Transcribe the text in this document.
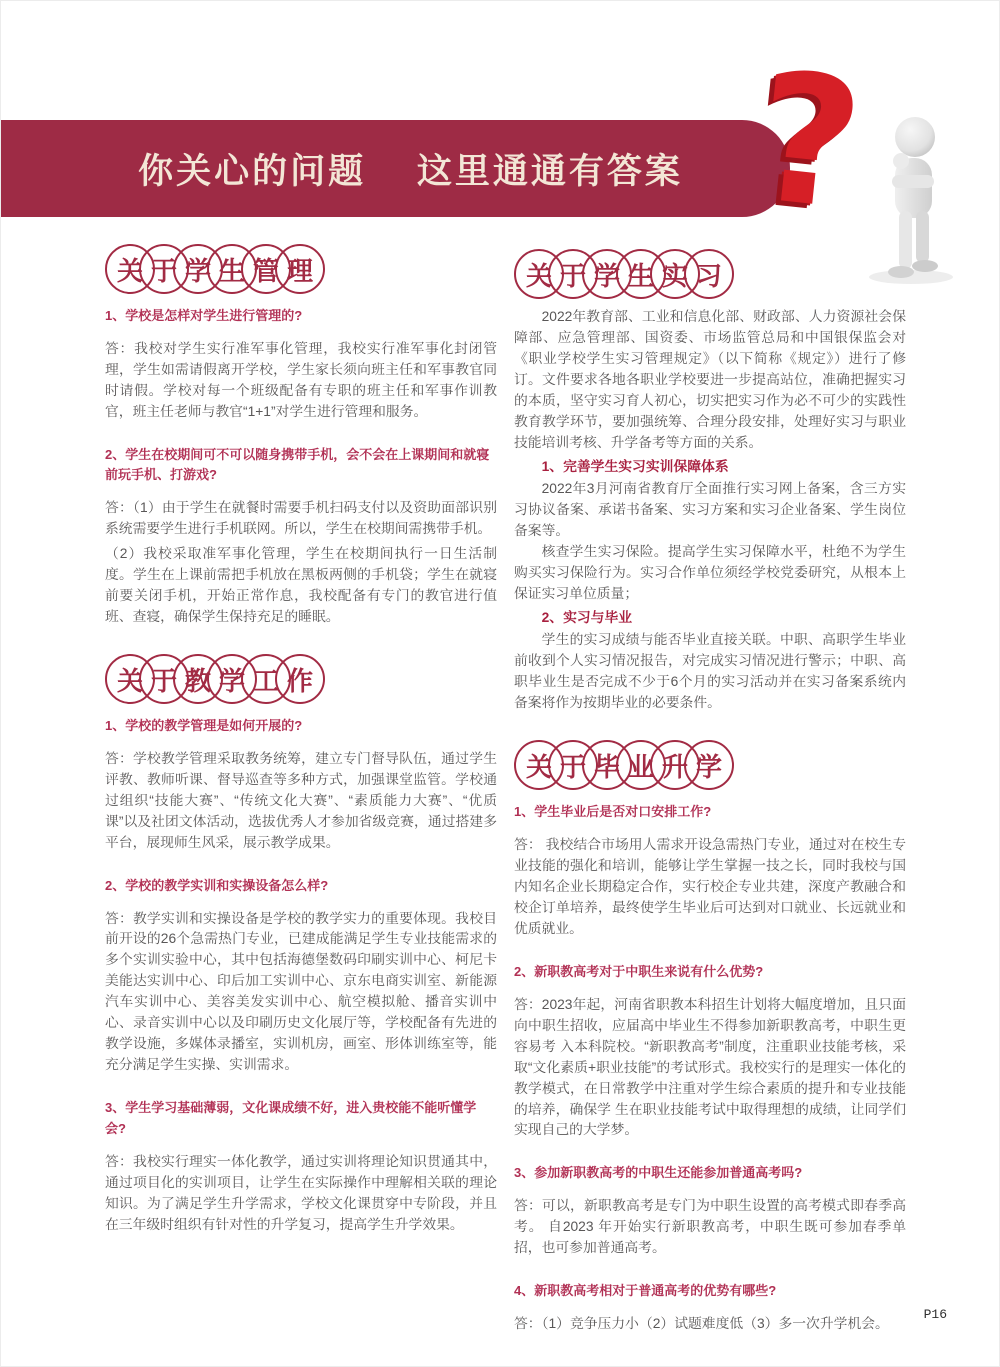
你关心的问题　 这里通通有答案 ?
关 于 学 生 管 理

1、学校是怎样对学生进行管理的?

答：我校对学生实行准军事化管理，我校实行准军事化封闭管理，学生如需请假离开学校，学生家长须向班主任和军事教官同时请假。学校对每一个班级配备有专职的班主任和军事作训教官，班主任老师与教官“1+1”对学生进行管理和服务。

2、学生在校期间可不可以随身携带手机，会不会在上课期间和就寝前玩手机、打游戏?

答：（1）由于学生在就餐时需要手机扫码支付以及资助面部识别系统需要学生进行手机联网。所以，学生在校期间需携带手机。

（2）我校采取准军事化管理，学生在校期间执行一日生活制度。学生在上课前需把手机放在黑板两侧的手机袋；学生在就寝前要关闭手机，开始正常作息，我校配备有专门的教官进行值班、查寝，确保学生保持充足的睡眠。

关 于 教 学 工 作

1、学校的教学管理是如何开展的?

答：学校教学管理采取教务统筹，建立专门督导队伍，通过学生评教、教师听课、督导巡查等多种方式，加强课堂监管。学校通过组织“技能大赛”、“传统文化大赛”、“素质能力大赛”、“优质课”以及社团文体活动，选拔优秀人才参加省级竞赛，通过搭建多平台，展现师生风采，展示教学成果。

2、学校的教学实训和实操设备怎么样?

答：教学实训和实操设备是学校的教学实力的重要体现。我校目前开设的26个急需热门专业，已建成能满足学生专业技能需求的多个实训实验中心，其中包括海德堡数码印刷实训中心、柯尼卡美能达实训中心、印后加工实训中心、京东电商实训室、新能源汽车实训中心、美容美发实训中心、航空模拟舱、播音实训中心、录音实训中心以及印刷历史文化展厅等，学校配备有先进的教学设施，多媒体录播室，实训机房，画室、形体训练室等，能充分满足学生实操、实训需求。

3、学生学习基础薄弱，文化课成绩不好，进入贵校能不能听懂学会?

答：我校实行理实一体化教学，通过实训将理论知识贯通其中，通过项目化的实训项目，让学生在实际操作中理解相关联的理论知识。为了满足学生升学需求，学校文化课贯穿中专阶段，并且在三年级时组织有针对性的升学复习，提高学生升学效果。

关 于 学 生 实 习

2022年教育部、工业和信息化部、财政部、人力资源社会保障部、应急管理部、国资委、市场监管总局和中国银保监会对《职业学校学生实习管理规定》（以下简称《规定》）进行了修订。文件要求各地各职业学校要进一步提高站位，准确把握实习的本质，坚守实习育人初心，切实把实习作为必不可少的实践性教育教学环节，要加强统筹、合理分段安排，处理好实习与职业技能培训考核、升学备考等方面的关系。

1、完善学生实习实训保障体系

2022年3月河南省教育厅全面推行实习网上备案，含三方实习协议备案、承诺书备案、实习方案和实习企业备案、学生岗位备案等。

核查学生实习保险。提高学生实习保障水平，杜绝不为学生购买实习保险行为。实习合作单位须经学校党委研究，从根本上保证实习单位质量；

2、实习与毕业

学生的实习成绩与能否毕业直接关联。中职、高职学生毕业前收到个人实习情况报告，对完成实习情况进行警示；中职、高职毕业生是否完成不少于6个月的实习活动并在实习备案系统内备案将作为按期毕业的必要条件。

关 于 毕 业 升 学

1、学生毕业后是否对口安排工作?

答： 我校结合市场用人需求开设急需热门专业，通过对在校生专业技能的强化和培训，能够让学生掌握一技之长，同时我校与国内知名企业长期稳定合作，实行校企专业共建，深度产教融合和校企订单培养，最终使学生毕业后可达到对口就业、长远就业和优质就业。

2、新职教高考对于中职生来说有什么优势?

答：2023年起，河南省职教本科招生计划将大幅度增加，且只面向中职生招收，应届高中毕业生不得参加新职教高考，中职生更容易考 入本科院校。“新职教高考”制度，注重职业技能考核，采取“文化素质+职业技能”的考试形式。我校实行的是理实一体化的教学模式，在日常教学中注重对学生综合素质的提升和专业技能的培养，确保学 生在职业技能考试中取得理想的成绩，让同学们实现自己的大学梦。

3、参加新职教高考的中职生还能参加普通高考吗?

答：可以，新职教高考是专门为中职生设置的高考模式即春季高考。 自2023 年开始实行新职教高考，中职生既可参加春季单招，也可参加普通高考。

4、新职教高考相对于普通高考的优势有哪些?

答：（1）竞争压力小（2）试题难度低（3）多一次升学机会。

P16
